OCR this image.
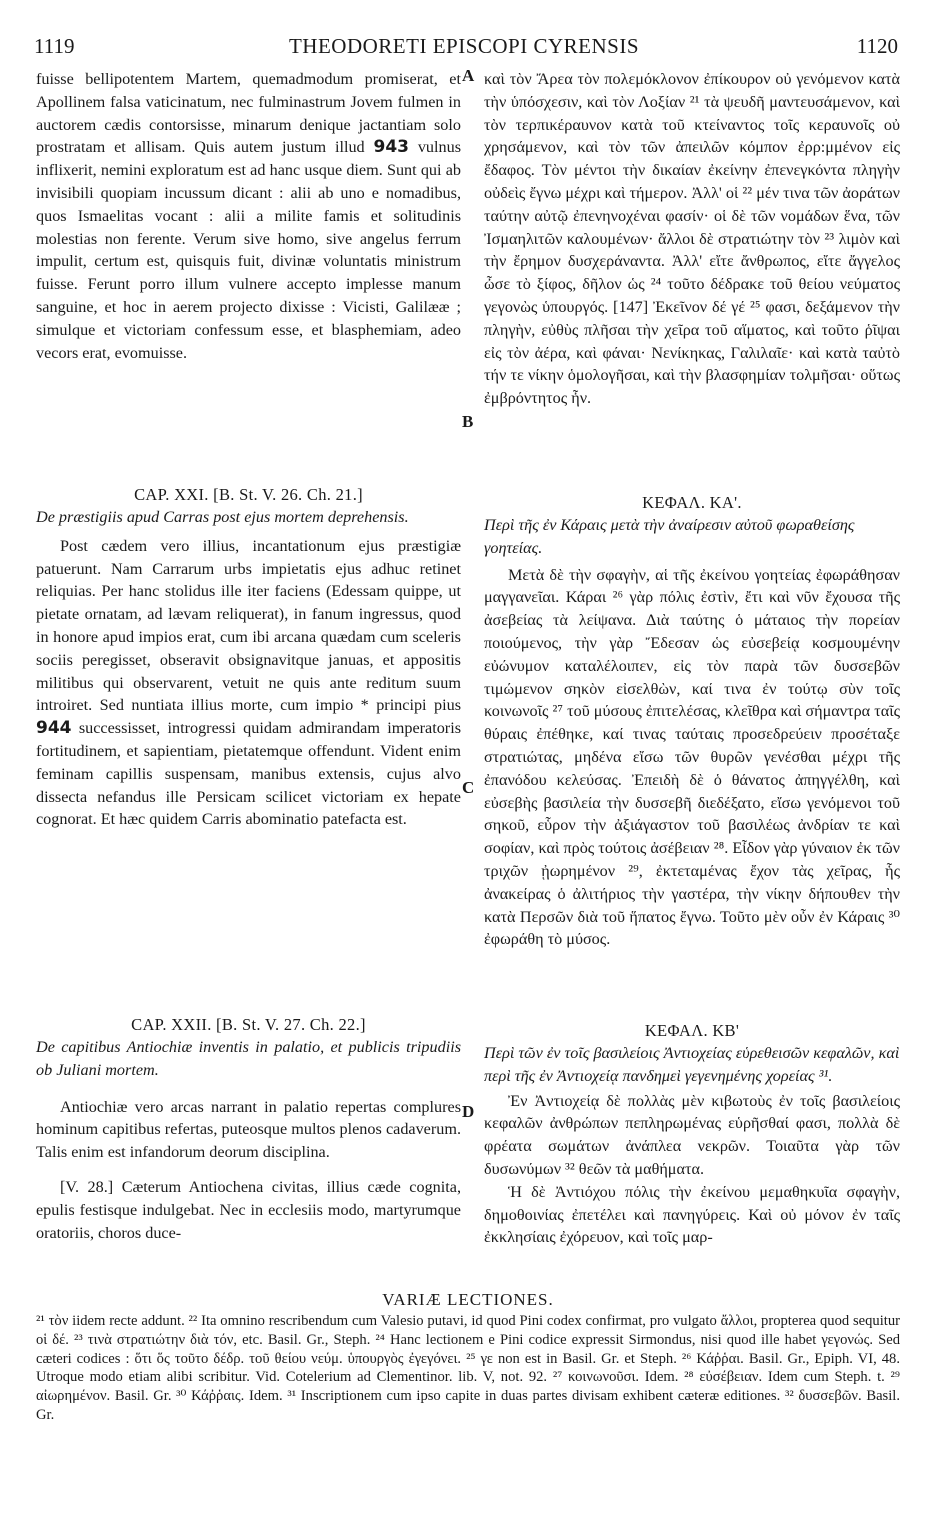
1119	THEODORETI EPISCOPI CYRENSIS	1120
A
B
C
D

fuisse bellipotentem Martem, quemadmodum promiserat, et Apollinem falsa vaticinatum, nec fulminastrum Jovem fulmen in auctorem cædis contorsisse, minarum denique jactantiam solo prostratam et allisam. Quis autem justum illud 943 vulnus inflixerit, nemini exploratum est ad hanc usque diem. Sunt qui ab invisibili quopiam incussum dicant : alii ab uno e nomadibus, quos Ismaelitas vocant : alii a milite famis et solitudinis molestias non ferente. Verum sive homo, sive angelus ferrum impulit, certum est, quisquis fuit, divinæ voluntatis ministrum fuisse. Ferunt porro illum vulnere accepto implesse manum sanguine, et hoc in aerem projecto dixisse : Vicisti, Galilææ ; simulque et victoriam confessum esse, et blasphemiam, adeo vecors erat, evomuisse.

CAP. XXI. [B. St. V. 26. Ch. 21.]

De præstigiis apud Carras post ejus mortem deprehensis.

Post cædem vero illius, incantationum ejus præstigiæ patuerunt. Nam Carrarum urbs impietatis ejus adhuc retinet reliquias. Per hanc stolidus ille iter faciens (Edessam quippe, ut pietate ornatam, ad lævam reliquerat), in fanum ingressus, quod in honore apud impios erat, cum ibi arcana quædam cum sceleris sociis peregisset, obseravit obsignavitque januas, et appositis militibus qui observarent, vetuit ne quis ante reditum suum introiret. Sed nuntiata illius morte, cum impio * principi pius 944 successisset, introgressi quidam admirandam imperatoris fortitudinem, et sapientiam, pietatemque offendunt. Vident enim feminam capillis suspensam, manibus extensis, cujus alvo dissecta nefandus ille Persicam scilicet victoriam ex hepate cognorat. Et hæc quidem Carris abominatio patefacta est.

CAP. XXII. [B. St. V. 27. Ch. 22.]

De capitibus Antiochiæ inventis in palatio, et publicis tripudiis ob Juliani mortem.

Antiochiæ vero arcas narrant in palatio repertas complures hominum capitibus refertas, puteosque multos plenos cadaverum. Talis enim est infandorum deorum disciplina.

[V. 28.] Cæterum Antiochena civitas, illius cæde cognita, epulis festisque indulgebat. Nec in ecclesiis modo, martyrumque oratoriis, choros duce-

καὶ τὸν Ἄρεα τὸν πολεμόκλονον ἐπίκουρον οὐ γενόμενον κατὰ τὴν ὑπόσχεσιν, καὶ τὸν Λοξίαν ²¹ τὰ ψευδῆ μαντευσάμενον, καὶ τὸν τερπικέραυνον κατὰ τοῦ κτείναντος τοῖς κεραυνοῖς οὐ χρησάμενον, καὶ τὸν τῶν ἀπειλῶν κόμπον ἐρρ:μμένον εἰς ἔδαφος. Τὸν μέντοι τὴν δικαίαν ἐκείνην ἐπενεγκόντα πληγὴν οὐδεὶς ἔγνω μέχρι καὶ τήμερον. Ἀλλ' οἱ ²² μέν τινα τῶν ἀοράτων ταύτην αὐτῷ ἐπενηνοχέναι φασίν· οἱ δὲ τῶν νομάδων ἕνα, τῶν Ἰσμαηλιτῶν καλουμένων· ἄλλοι δὲ στρατιώτην τὸν ²³ λιμὸν καὶ τὴν ἔρημον δυσχεράναντα. Ἀλλ' εἴτε ἄνθρωπος, εἴτε ἄγγελος ὦσε τὸ ξίφος, δῆλον ὡς ²⁴ τοῦτο δέδρακε τοῦ θείου νεύματος γεγονὼς ὑπουργός. [147] Ἐκεῖνον δέ γέ ²⁵ φασι, δεξάμενον τὴν πληγὴν, εὐθὺς πλῆσαι τὴν χεῖρα τοῦ αἵματος, καὶ τοῦτο ῥῖψαι εἰς τὸν ἀέρα, καὶ φάναι· Νενίκηκας, Γαλιλαῖε· καὶ κατὰ ταὐτὸ τήν τε νίκην ὁμολογῆσαι, καὶ τὴν βλασφημίαν τολμῆσαι· οὕτως ἐμβρόντητος ἦν.

ΚΕΦΑΛ. ΚΑ'.

Περὶ τῆς ἐν Κάραις μετὰ τὴν ἀναίρεσιν αὐτοῦ φωραθείσης γοητείας.

Μετὰ δὲ τὴν σφαγὴν, αἱ τῆς ἐκείνου γοητείας ἐφωράθησαν μαγγανεῖαι. Κάραι ²⁶ γὰρ πόλις ἐστὶν, ἔτι καὶ νῦν ἔχουσα τῆς ἀσεβείας τὰ λείψανα. Διὰ ταύτης ὁ μάταιος τὴν πορείαν ποιούμενος, τὴν γὰρ Ἔδεσαν ὡς εὐσεβείᾳ κοσμουμένην εὐώνυμον καταλέλοιπεν, εἰς τὸν παρὰ τῶν δυσσεβῶν τιμώμενον σηκὸν εἰσελθὼν, καί τινα ἐν τούτῳ σὺν τοῖς κοινωνοῖς ²⁷ τοῦ μύσους ἐπιτελέσας, κλεῖθρα καὶ σήμαντρα ταῖς θύραις ἐπέθηκε, καί τινας ταύταις προσεδρεύειν προσέταξε στρατιώτας, μηδένα εἴσω τῶν θυρῶν γενέσθαι μέχρι τῆς ἐπανόδου κελεύσας. Ἐπειδὴ δὲ ὁ θάνατος ἀπηγγέλθη, καὶ εὐσεβὴς βασιλεία τὴν δυσσεβῆ διεδέξατο, εἴσω γενόμενοι τοῦ σηκοῦ, εὗρον τὴν ἀξιάγαστον τοῦ βασιλέως ἀνδρίαν τε καὶ σοφίαν, καὶ πρὸς τούτοις ἀσέβειαν ²⁸. Εἶδον γὰρ γύναιον ἐκ τῶν τριχῶν ᾐωρημένον ²⁹, ἐκτεταμένας ἔχον τὰς χεῖρας, ἧς ἀνακείρας ὁ ἀλιτήριος τὴν γαστέρα, τὴν νίκην δήπουθεν τὴν κατὰ Περσῶν διὰ τοῦ ἥπατος ἔγνω. Τοῦτο μὲν οὖν ἐν Κάραις ³⁰ ἐφωράθη τὸ μύσος.

ΚΕΦΑΛ. ΚΒ'

Περὶ τῶν ἐν τοῖς βασιλείοις Ἀντιοχείας εὑρεθεισῶν κεφαλῶν, καὶ περὶ τῆς ἐν Ἀντιοχείᾳ πανδημεὶ γεγενημένης χορείας ³¹.

Ἐν Ἀντιοχείᾳ δὲ πολλὰς μὲν κιβωτοὺς ἐν τοῖς βασιλείοις κεφαλῶν ἀνθρώπων πεπληρωμένας εὑρῆσθαί φασι, πολλὰ δὲ φρέατα σωμάτων ἀνάπλεα νεκρῶν. Τοιαῦτα γὰρ τῶν δυσωνύμων ³² θεῶν τὰ μαθήματα.

Ἡ δὲ Ἀντιόχου πόλις τὴν ἐκείνου μεμαθηκυῖα σφαγὴν, δημοθοινίας ἐπετέλει καὶ πανηγύρεις. Καὶ οὐ μόνον ἐν ταῖς ἐκκλησίαις ἐχόρευον, καὶ τοῖς μαρ-

VARIÆ LECTIONES.

²¹ τὸν iidem recte addunt. ²² Ita omnino rescribendum cum Valesio putavi, id quod Pini codex confirmat, pro vulgato ἄλλοι, propterea quod sequitur οἱ δέ. ²³ τινὰ στρατιώτην διὰ τόν, etc. Basil. Gr., Steph. ²⁴ Hanc lectionem e Pini codice expressit Sirmondus, nisi quod ille habet γεγονώς. Sed cæteri codices : ὅτι ὅς τοῦτο δέδρ. τοῦ θείου νεύμ. ὑπουργὸς ἐγεγόνει. ²⁵ γε non est in Basil. Gr. et Steph. ²⁶ Κάῤῥαι. Basil. Gr., Epiph. VI, 48. Utroque modo etiam alibi scribitur. Vid. Cotelerium ad Clementinor. lib. V, not. 92. ²⁷ κοινωνοῦσι. Idem. ²⁸ εὐσέβειαν. Idem cum Steph. t. ²⁹ αἰωρημένον. Basil. Gr. ³⁰ Κάῤῥαις. Idem. ³¹ Inscriptionem cum ipso capite in duas partes divisam exhibent cæteræ editiones. ³² δυσσεβῶν. Basil. Gr.
